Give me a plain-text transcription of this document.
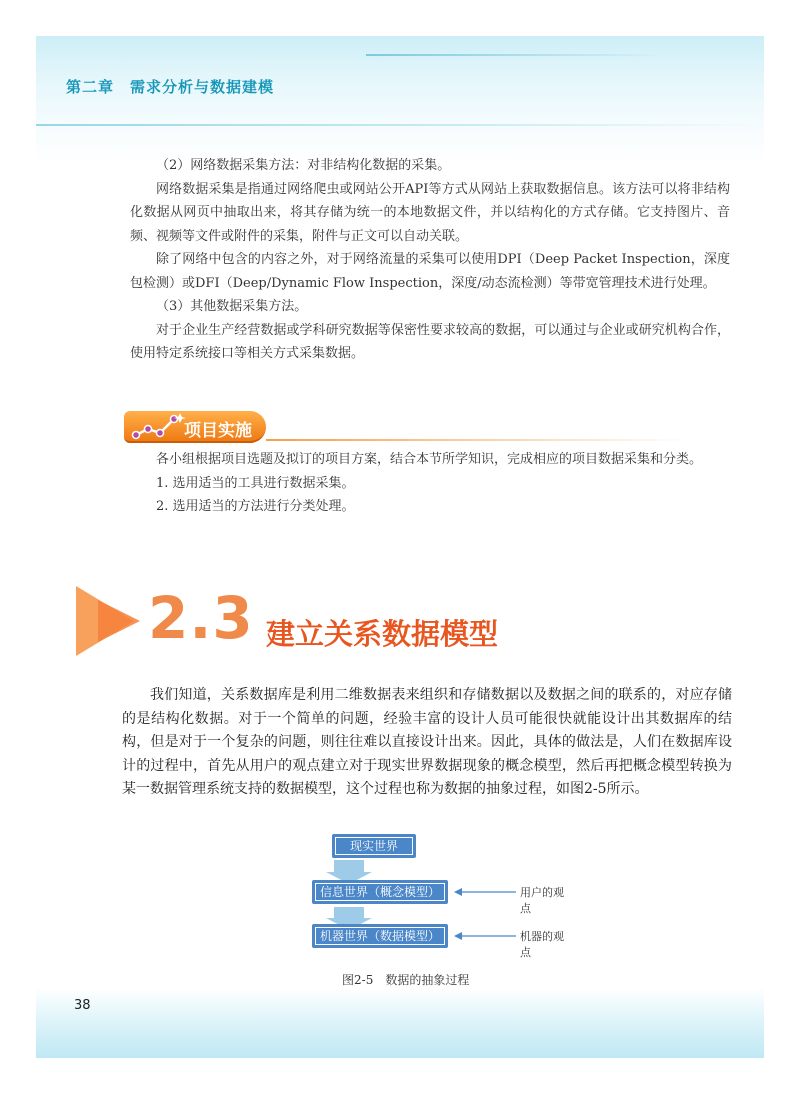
第二章　需求分析与数据建模

（2）网络数据采集方法：对非结构化数据的采集。

网络数据采集是指通过网络爬虫或网站公开API等方式从网站上获取数据信息。该方法可以将非结构化数据从网页中抽取出来，将其存储为统一的本地数据文件，并以结构化的方式存储。它支持图片、音频、视频等文件或附件的采集，附件与正文可以自动关联。

除了网络中包含的内容之外，对于网络流量的采集可以使用DPI（Deep Packet Inspection，深度包检测）或DFI（Deep/Dynamic Flow Inspection，深度/动态流检测）等带宽管理技术进行处理。

（3）其他数据采集方法。

对于企业生产经营数据或学科研究数据等保密性要求较高的数据，可以通过与企业或研究机构合作，使用特定系统接口等相关方式采集数据。

项目实施

各小组根据项目选题及拟订的项目方案，结合本节所学知识，完成相应的项目数据采集和分类。

1. 选用适当的工具进行数据采集。

2. 选用适当的方法进行分类处理。

2.3 建立关系数据模型

我们知道，关系数据库是利用二维数据表来组织和存储数据以及数据之间的联系的，对应存储的是结构化数据。对于一个简单的问题，经验丰富的设计人员可能很快就能设计出其数据库的结构，但是对于一个复杂的问题，则往往难以直接设计出来。因此，具体的做法是，人们在数据库设计的过程中，首先从用户的观点建立对于现实世界数据现象的概念模型，然后再把概念模型转换为某一数据管理系统支持的数据模型，这个过程也称为数据的抽象过程，如图2-5所示。

现实世界
信息世界（概念模型）
机器世界（数据模型）
用户的观点
机器的观点
图2-5　数据的抽象过程
38
